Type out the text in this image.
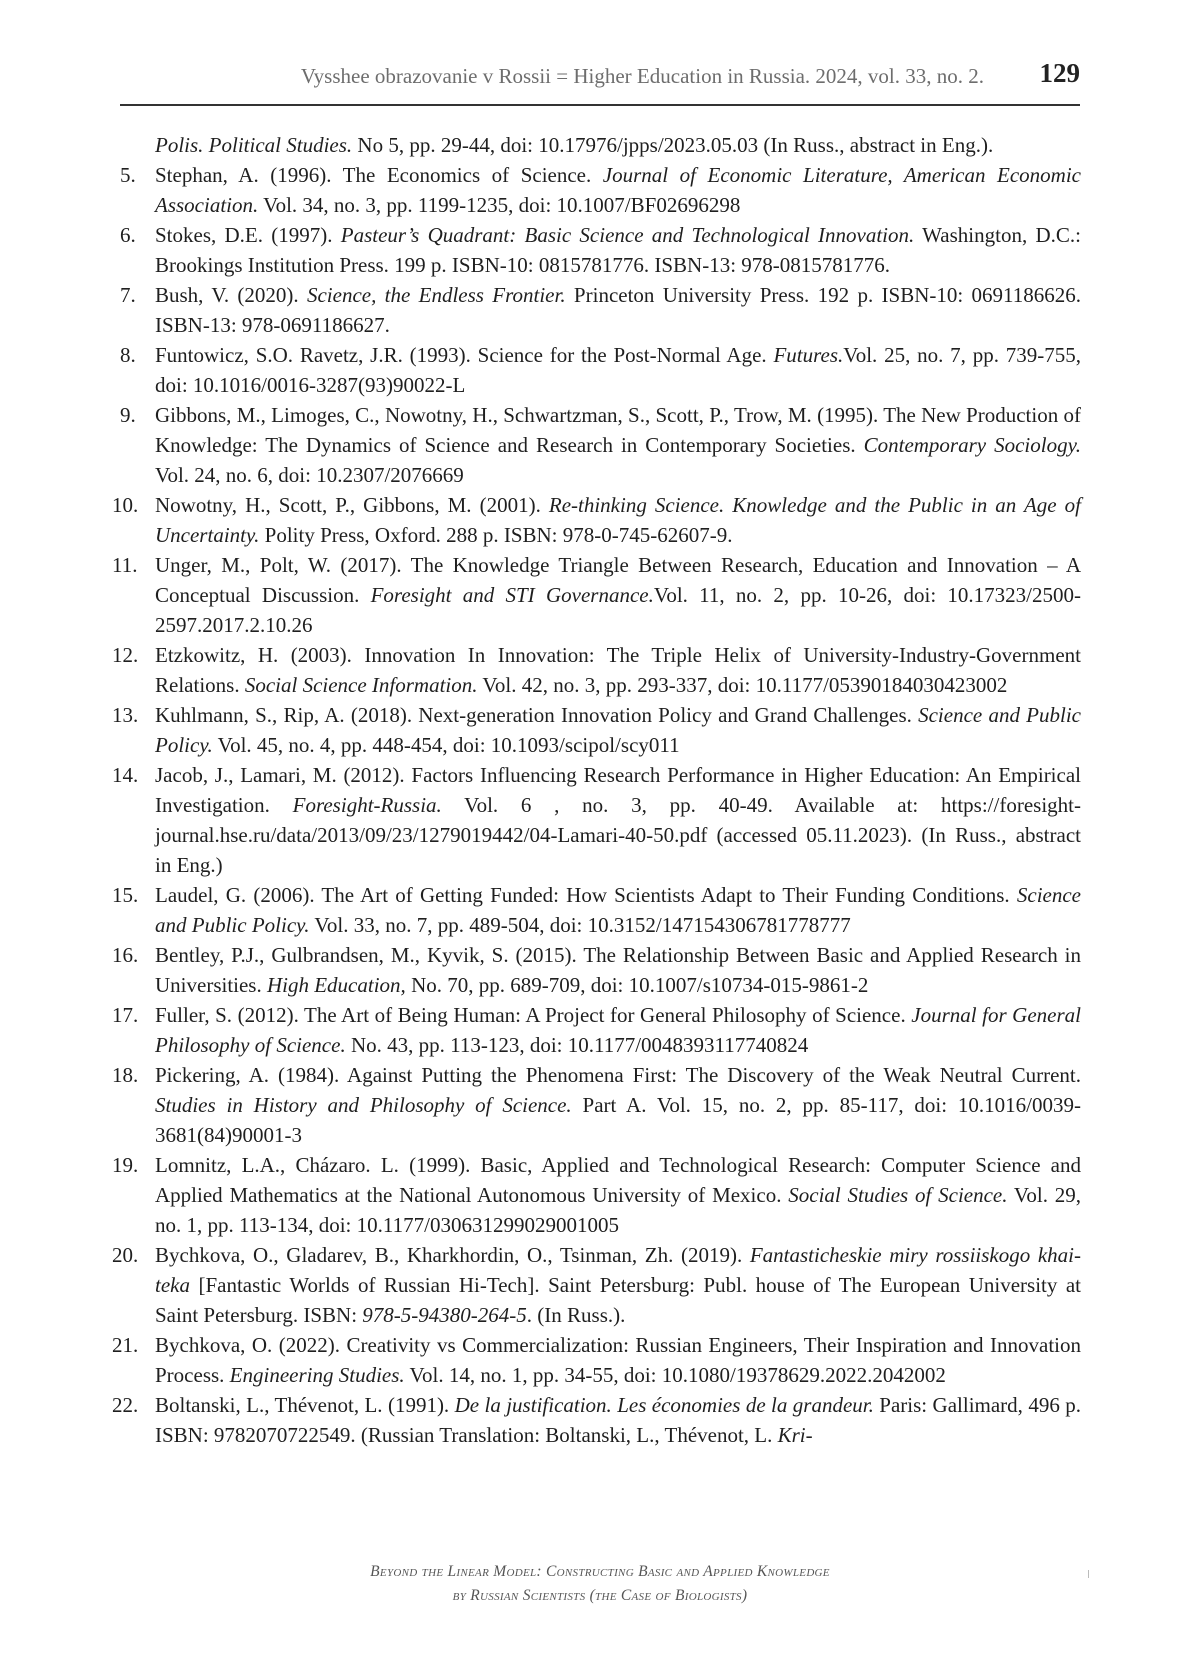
Vysshee obrazovanie v Rossii = Higher Education in Russia. 2024, vol. 33, no. 2. 129

Polis. Political Studies. No 5, pp. 29-44, doi: 10.17976/jpps/2023.05.03 (In Russ., abstract in Eng.).

5. Stephan, A. (1996). The Economics of Science. Journal of Economic Literature, American Economic Association. Vol. 34, no. 3, pp. 1199-1235, doi: 10.1007/BF02696298

6. Stokes, D.E. (1997). Pasteur’s Quadrant: Basic Science and Technological Innovation. Washington, D.C.: Brookings Institution Press. 199 p. ISBN-10: 0815781776. ISBN-13: 978-0815781776.

7. Bush, V. (2020). Science, the Endless Frontier. Princeton University Press. 192 p. ISBN-10: 0691186626. ISBN-13: 978-0691186627.

8. Funtowicz, S.O. Ravetz, J.R. (1993). Science for the Post-Normal Age. Futures.Vol. 25, no. 7, pp. 739-755, doi: 10.1016/0016-3287(93)90022-L

9. Gibbons, M., Limoges, C., Nowotny, H., Schwartzman, S., Scott, P., Trow, M. (1995). The New Production of Knowledge: The Dynamics of Science and Research in Contemporary Societies. Contemporary Sociology. Vol. 24, no. 6, doi: 10.2307/2076669

10. Nowotny, H., Scott, P., Gibbons, M. (2001). Re-thinking Science. Knowledge and the Public in an Age of Uncertainty. Polity Press, Oxford. 288 p. ISBN: 978-0-745-62607-9.

11. Unger, M., Polt, W. (2017). The Knowledge Triangle Between Research, Education and Innovation – A Conceptual Discussion. Foresight and STI Governance.Vol. 11, no. 2, pp. 10-26, doi: 10.17323/2500-2597.2017.2.10.26

12. Etzkowitz, H. (2003). Innovation In Innovation: The Triple Helix of University-Industry-Government Relations. Social Science Information. Vol. 42, no. 3, pp. 293-337, doi: 10.1177/05390184030423002

13. Kuhlmann, S., Rip, A. (2018). Next-generation Innovation Policy and Grand Challenges. Science and Public Policy. Vol. 45, no. 4, pp. 448-454, doi: 10.1093/scipol/scy011

14. Jacob, J., Lamari, M. (2012). Factors Influencing Research Performance in Higher Education: An Empirical Investigation. Foresight-Russia. Vol. 6 , no. 3, pp. 40-49. Available at: https://foresight-journal.hse.ru/data/2013/09/23/1279019442/04-Lamari-40-50.pdf (accessed 05.11.2023). (In Russ., abstract in Eng.)

15. Laudel, G. (2006). The Art of Getting Funded: How Scientists Adapt to Their Funding Conditions. Science and Public Policy. Vol. 33, no. 7, pp. 489-504, doi: 10.3152/147154306781778777

16. Bentley, P.J., Gulbrandsen, M., Kyvik, S. (2015). The Relationship Between Basic and Applied Research in Universities. High Education, No. 70, pp. 689-709, doi: 10.1007/s10734-015-9861-2

17. Fuller, S. (2012). The Art of Being Human: A Project for General Philosophy of Science. Journal for General Philosophy of Science. No. 43, pp. 113-123, doi: 10.1177/0048393117740824

18. Pickering, A. (1984). Against Putting the Phenomena First: The Discovery of the Weak Neutral Current. Studies in History and Philosophy of Science. Part A. Vol. 15, no. 2, pp. 85-117, doi: 10.1016/0039-3681(84)90001-3

19. Lomnitz, L.A., Cházaro. L. (1999). Basic, Applied and Technological Research: Computer Science and Applied Mathematics at the National Autonomous University of Mexico. Social Studies of Science. Vol. 29, no. 1, pp. 113-134, doi: 10.1177/030631299029001005

20. Bychkova, O., Gladarev, B., Kharkhordin, O., Tsinman, Zh. (2019). Fantasticheskie miry rossiiskogo khai-teka [Fantastic Worlds of Russian Hi-Tech]. Saint Petersburg: Publ. house of The European University at Saint Petersburg. ISBN: 978-5-94380-264-5. (In Russ.).

21. Bychkova, O. (2022). Creativity vs Commercialization: Russian Engineers, Their Inspiration and Innovation Process. Engineering Studies. Vol. 14, no. 1, pp. 34-55, doi: 10.1080/19378629.2022.2042002

22. Boltanski, L., Thévenot, L. (1991). De la justification. Les économies de la grandeur. Paris: Gallimard, 496 p. ISBN: 9782070722549. (Russian Translation: Boltanski, L., Thévenot, L. Kri-

Beyond the Linear Model: Constructing Basic and Applied Knowledge
by Russian Scientists (the Case of Biologists)
